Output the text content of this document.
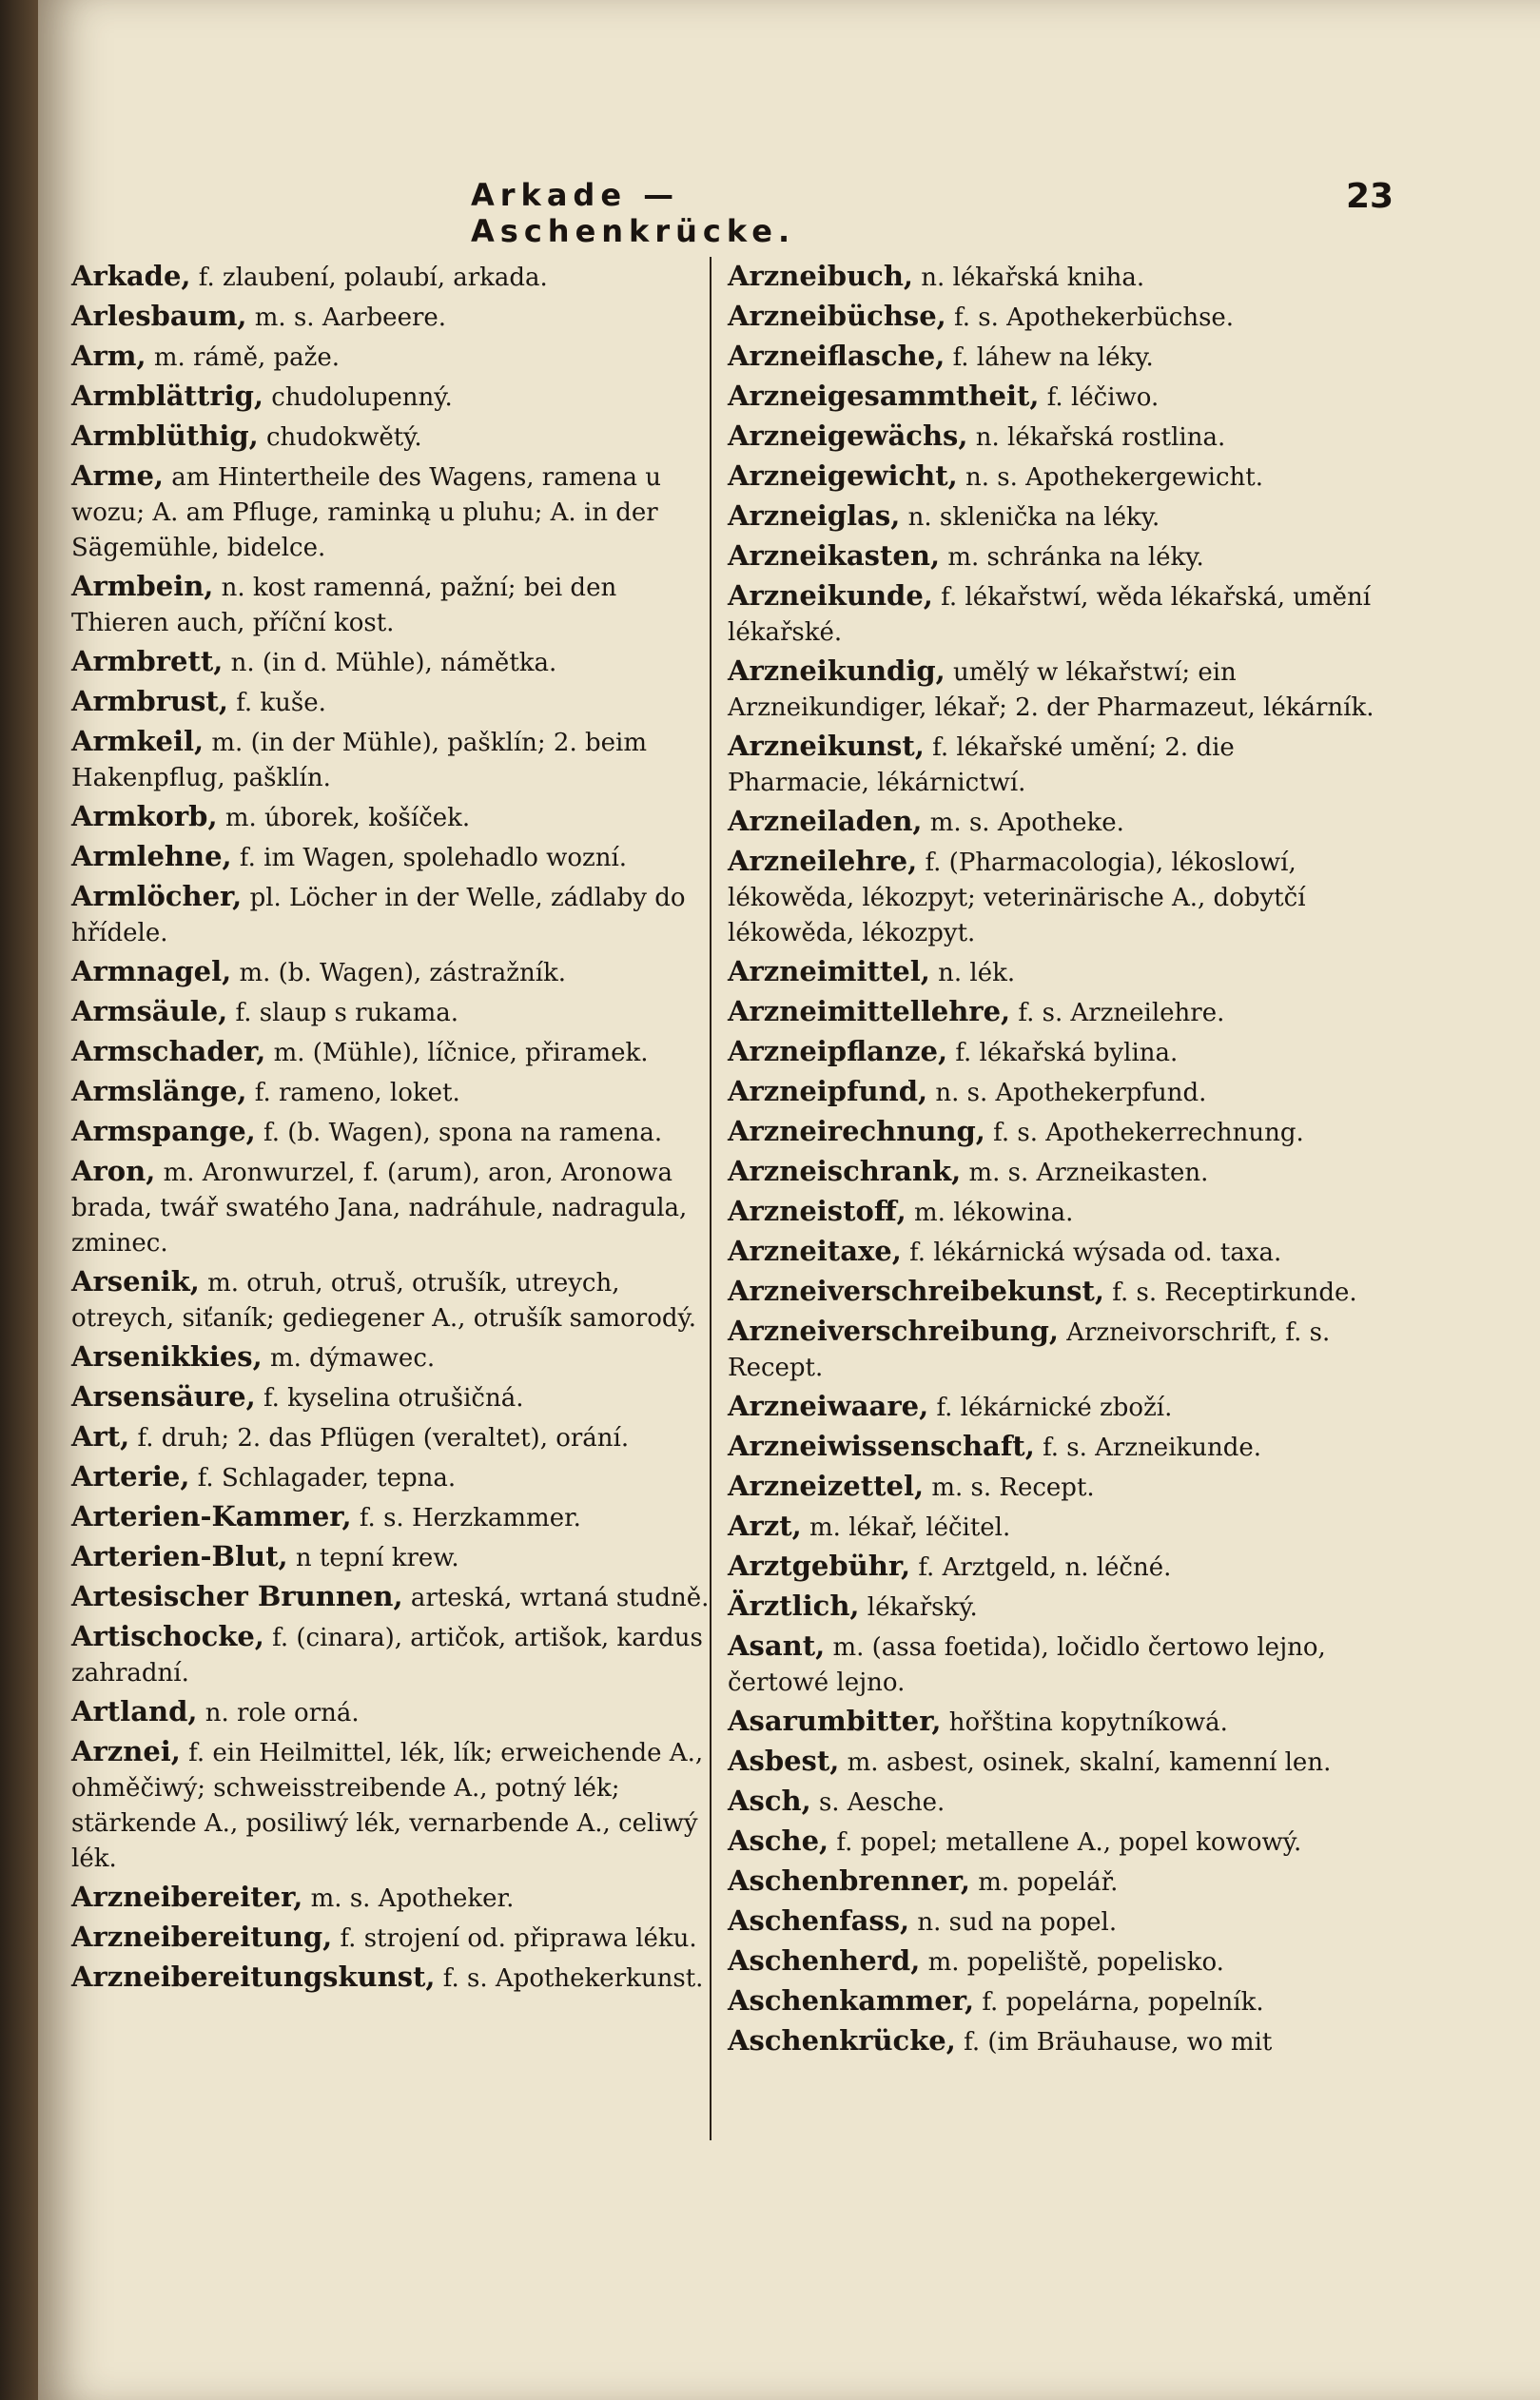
Arkade — Aschenkrücke.
23
Arkade, f. zlaubení, polaubí, arkada.
Arlesbaum, m. s. Aarbeere.
Arm, m. rámě, paže.
Armblättrig, chudolupenný.
Armblüthig, chudokwětý.
Arme, am Hintertheile des Wagens, ramena u wozu; A. am Pfluge, raminką u pluhu; A. in der Sägemühle, bidelce.
Armbein, n. kost ramenná, pažní; bei den Thieren auch, příční kost.
Armbrett, n. (in d. Mühle), námětka.
Armbrust, f. kuše.
Armkeil, m. (in der Mühle), pašklín; 2. beim Hakenpflug, pašklín.
Armkorb, m. úborek, košíček.
Armlehne, f. im Wagen, spolehadlo wozní.
Armlöcher, pl. Löcher in der Welle, zádlaby do hřídele.
Armnagel, m. (b. Wagen), zástražník.
Armsäule, f. slaup s rukama.
Armschader, m. (Mühle), líčnice, přiramek.
Armslänge, f. rameno, loket.
Armspange, f. (b. Wagen), spona na ramena.
Aron, m. Aronwurzel, f. (arum), aron, Aronowa brada, twář swatého Jana, nadráhule, nadragula, zminec.
Arsenik, m. otruh, otruš, otrušík, utreych, otreych, siťaník; gediegener A., otrušík samorodý.
Arsenikkies, m. dýmawec.
Arsensäure, f. kyselina otrušičná.
Art, f. druh; 2. das Pflügen (veraltet), orání.
Arterie, f. Schlagader, tepna.
Arterien-Kammer, f. s. Herzkammer.
Arterien-Blut, n tepní krew.
Artesischer Brunnen, arteská, wrtaná studně.
Artischocke, f. (cinara), artičok, artišok, kardus zahradní.
Artland, n. role orná.
Arznei, f. ein Heilmittel, lék, lík; erweichende A., ohměčiwý; schweisstreibende A., potný lék; stärkende A., posiliwý lék, vernarbende A., celiwý lék.
Arzneibereiter, m. s. Apotheker.
Arzneibereitung, f. strojení od. připrawa léku.
Arzneibereitungskunst, f. s. Apothekerkunst.
Arzneibuch, n. lékařská kniha.
Arzneibüchse, f. s. Apothekerbüchse.
Arzneiflasche, f. láhew na léky.
Arzneigesammtheit, f. léčiwo.
Arzneigewächs, n. lékařská rostlina.
Arzneigewicht, n. s. Apothekergewicht.
Arzneiglas, n. sklenička na léky.
Arzneikasten, m. schránka na léky.
Arzneikunde, f. lékařstwí, wěda lékařská, umění lékařské.
Arzneikundig, umělý w lékařstwí; ein Arzneikundiger, lékař; 2. der Pharmazeut, lékárník.
Arzneikunst, f. lékařské umění; 2. die Pharmacie, lékárnictwí.
Arzneiladen, m. s. Apotheke.
Arzneilehre, f. (Pharmacologia), lékoslowí, lékowěda, lékozpyt; veterinärische A., dobytčí lékowěda, lékozpyt.
Arzneimittel, n. lék.
Arzneimittellehre, f. s. Arzneilehre.
Arzneipflanze, f. lékařská bylina.
Arzneipfund, n. s. Apothekerpfund.
Arzneirechnung, f. s. Apothekerrechnung.
Arzneischrank, m. s. Arzneikasten.
Arzneistoff, m. lékowina.
Arzneitaxe, f. lékárnická wýsada od. taxa.
Arzneiverschreibekunst, f. s. Receptirkunde.
Arzneiverschreibung, Arzneivorschrift, f. s. Recept.
Arzneiwaare, f. lékárnické zboží.
Arzneiwissenschaft, f. s. Arzneikunde.
Arzneizettel, m. s. Recept.
Arzt, m. lékař, léčitel.
Arztgebühr, f. Arztgeld, n. léčné.
Ärztlich, lékařský.
Asant, m. (assa foetida), ločidlo čertowo lejno, čertowé lejno.
Asarumbitter, hořština kopytníkowá.
Asbest, m. asbest, osinek, skalní, kamenní len.
Asch, s. Aesche.
Asche, f. popel; metallene A., popel kowowý.
Aschenbrenner, m. popelář.
Aschenfass, n. sud na popel.
Aschenherd, m. popeliště, popelisko.
Aschenkammer, f. popelárna, popelník.
Aschenkrücke, f. (im Bräuhause, wo mit
